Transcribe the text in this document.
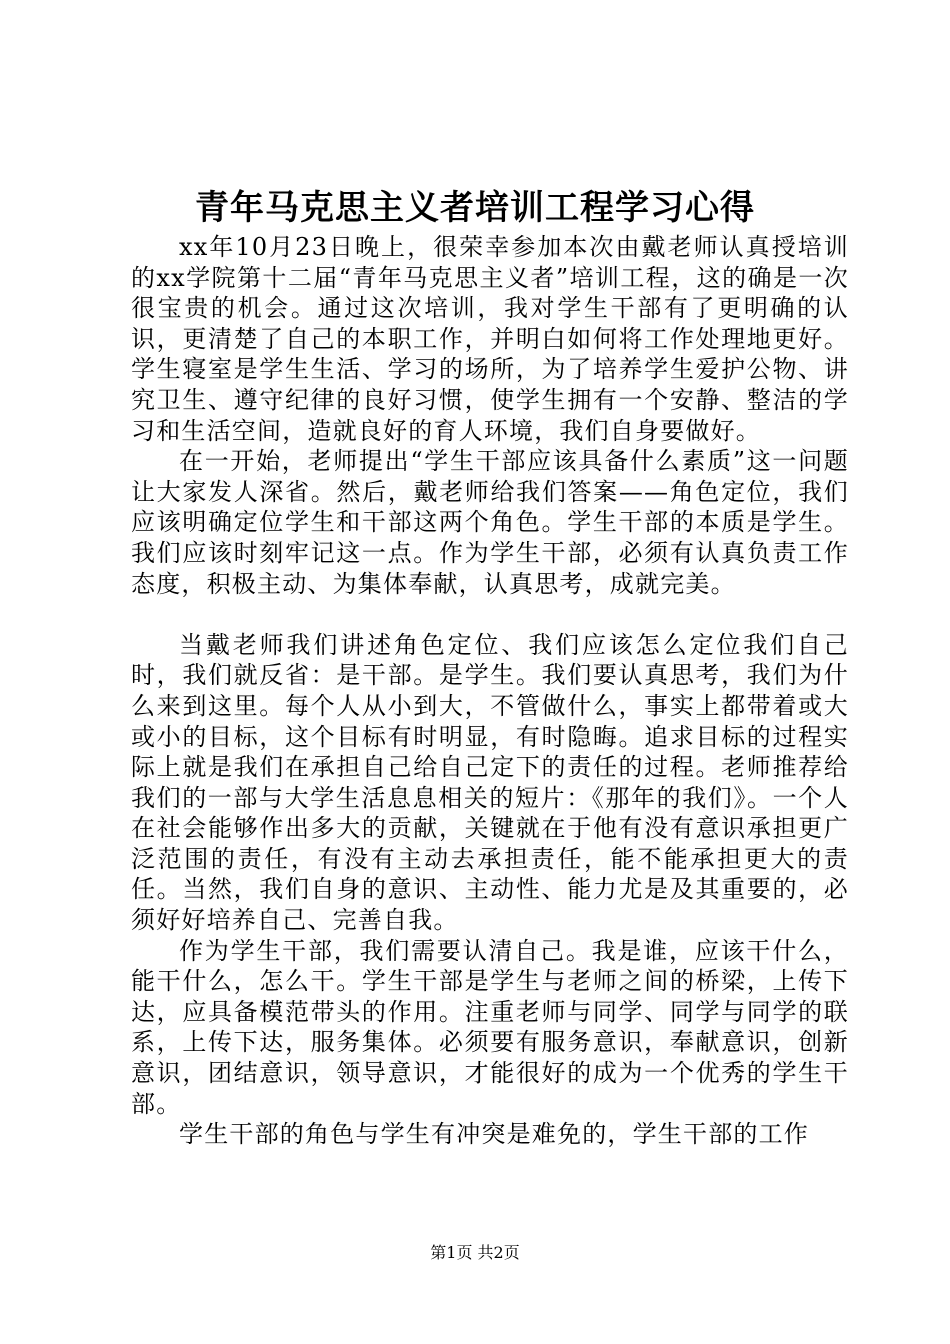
青年马克思主义者培训工程学习心得

xx年10月23日晚上，很荣幸参加本次由戴老师认真授培训的xx学院第十二届“青年马克思主义者”培训工程，这的确是一次很宝贵的机会。通过这次培训，我对学生干部有了更明确的认识，更清楚了自己的本职工作，并明白如何将工作处理地更好。学生寝室是学生生活、学习的场所，为了培养学生爱护公物、讲究卫生、遵守纪律的良好习惯，使学生拥有一个安静、整洁的学习和生活空间，造就良好的育人环境，我们自身要做好。

在一开始，老师提出“学生干部应该具备什么素质”这一问题让大家发人深省。然后，戴老师给我们答案——角色定位，我们应该明确定位学生和干部这两个角色。学生干部的本质是学生。我们应该时刻牢记这一点。作为学生干部，必须有认真负责工作态度，积极主动、为集体奉献，认真思考，成就完美。

当戴老师我们讲述角色定位、我们应该怎么定位我们自己时，我们就反省：是干部。是学生。我们要认真思考，我们为什么来到这里。每个人从小到大，不管做什么，事实上都带着或大或小的目标，这个目标有时明显，有时隐晦。追求目标的过程实际上就是我们在承担自己给自己定下的责任的过程。老师推荐给我们的一部与大学生活息息相关的短片：《那年的我们》。一个人在社会能够作出多大的贡献，关键就在于他有没有意识承担更广泛范围的责任，有没有主动去承担责任，能不能承担更大的责任。当然，我们自身的意识、主动性、能力尤是及其重要的，必须好好培养自己、完善自我。

作为学生干部，我们需要认清自己。我是谁，应该干什么，能干什么，怎么干。学生干部是学生与老师之间的桥梁，上传下达，应具备模范带头的作用。注重老师与同学、同学与同学的联系，上传下达，服务集体。必须要有服务意识，奉献意识，创新意识，团结意识，领导意识，才能很好的成为一个优秀的学生干部。

学生干部的角色与学生有冲突是难免的，学生干部的工作

第1页 共2页
